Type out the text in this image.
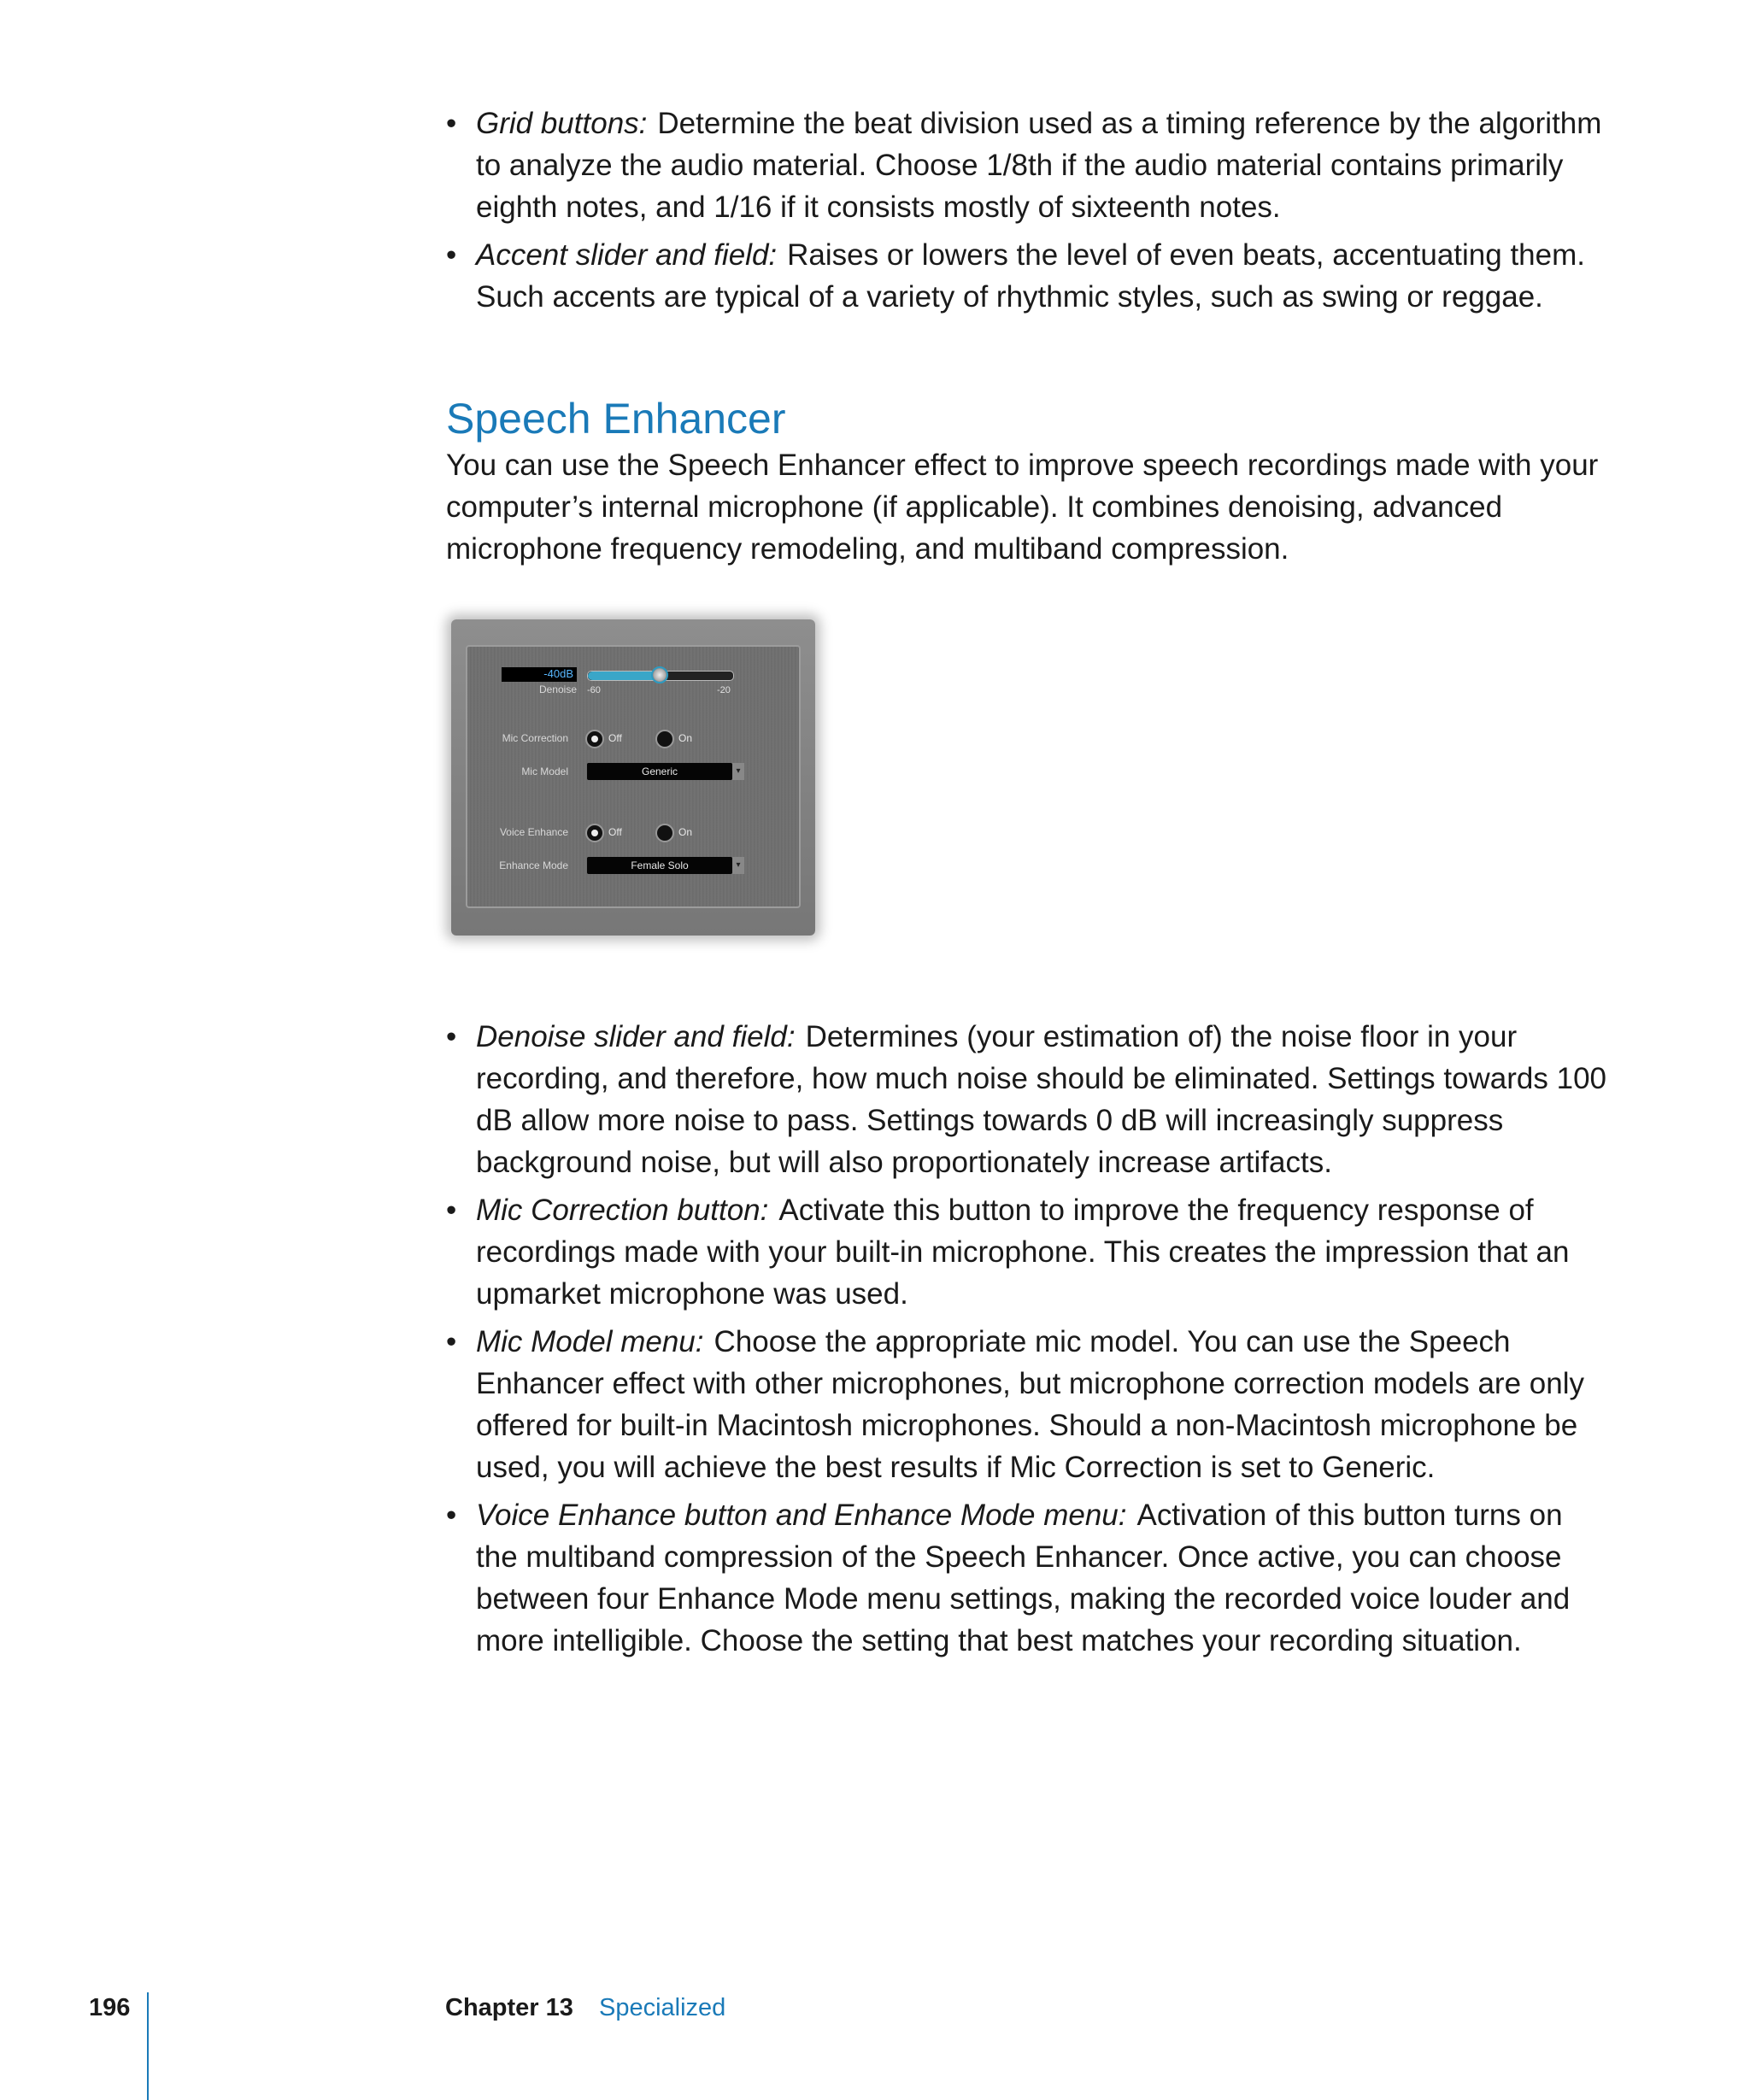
• Grid buttons: Determine the beat division used as a timing reference by the algorithm to analyze the audio material. Choose 1/8th if the audio material contains primarily eighth notes, and 1/16 if it consists mostly of sixteenth notes.
• Accent slider and field: Raises or lowers the level of even beats, accentuating them. Such accents are typical of a variety of rhythmic styles, such as swing or reggae.
Speech Enhancer

You can use the Speech Enhancer effect to improve speech recordings made with your computer’s internal microphone (if applicable). It combines denoising, advanced microphone frequency remodeling, and multiband compression.

• Denoise slider and field: Determines (your estimation of) the noise floor in your recording, and therefore, how much noise should be eliminated. Settings towards 100 dB allow more noise to pass. Settings towards 0 dB will increasingly suppress background noise, but will also proportionately increase artifacts.
• Mic Correction button: Activate this button to improve the frequency response of recordings made with your built-in microphone. This creates the impression that an upmarket microphone was used.
• Mic Model menu: Choose the appropriate mic model. You can use the Speech Enhancer effect with other microphones, but microphone correction models are only offered for built-in Macintosh microphones. Should a non-Macintosh microphone be used, you will achieve the best results if Mic Correction is set to Generic.
• Voice Enhance button and Enhance Mode menu: Activation of this button turns on the multiband compression of the Speech Enhancer. Once active, you can choose between four Enhance Mode menu settings, making the recorded voice louder and more intelligible. Choose the setting that best matches your recording situation.
-40dB
Denoise -60	-20
Mic Correction	Off	On
Mic Model	Generic	▾
Voice Enhance	Off	On
Enhance Mode	Female Solo	▾
196	Chapter 13 Specialized
